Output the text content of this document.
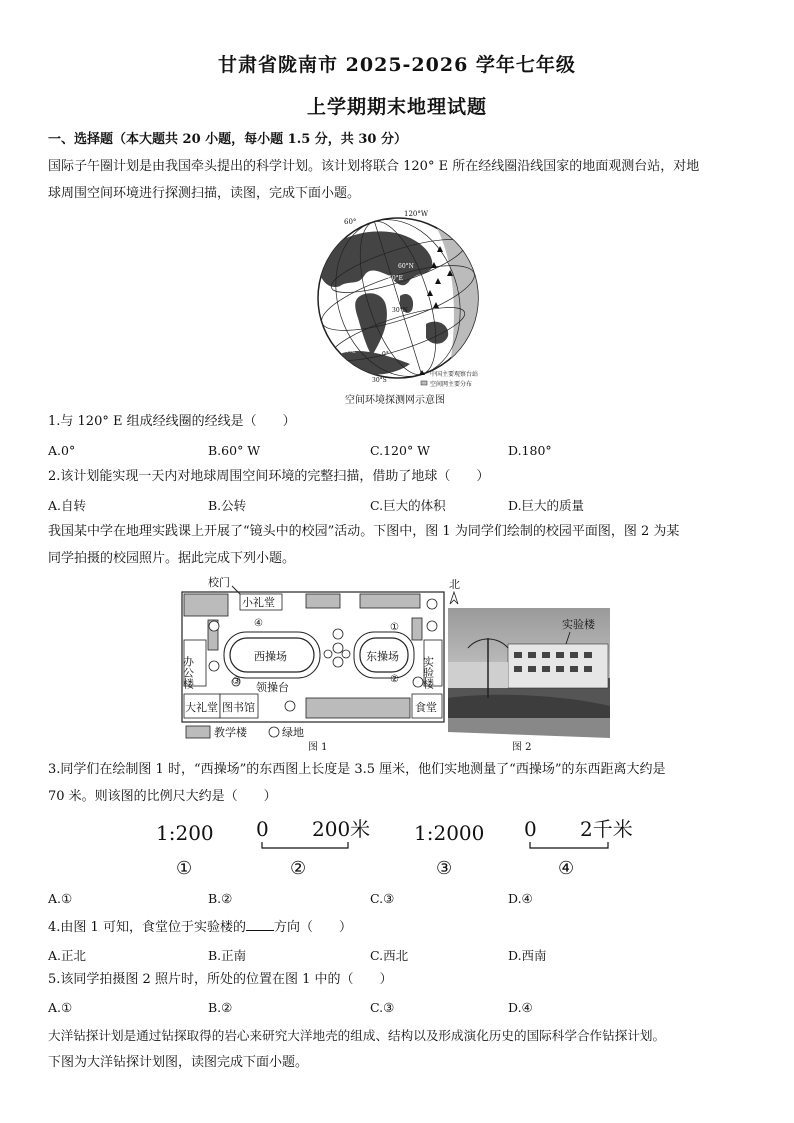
甘肃省陇南市 2025-2026 学年七年级
上学期期末地理试题
一、选择题（本大题共 20 小题，每小题 1.5 分，共 30 分）
国际子午圈计划是由我国牵头提出的科学计划。该计划将联合 120° E 所在经线圈沿线国家的地面观测台站，对地
球周围空间环境进行探测扫描，读图，完成下面小题。
120°W
60°
60°N
60°E
30°N
赤道
0°
30°S
中国主要观察台站
空间网主要分布
空间环境探测网示意图
1.与 120° E 组成经线圈的经线是（　　）
A.0°	B.60° W	C.120° W	D.180°
2.该计划能实现一天内对地球周围空间环境的完整扫描，借助了地球（　　）
A.自转	B.公转	C.巨大的体积	D.巨大的质量
我国某中学在地理实践课上开展了“镜头中的校园”活动。下图中，图 1 为同学们绘制的校园平面图，图 2 为某
同学拍摄的校园照片。据此完成下列小题。
校门
小礼堂
北
西操场	东操场
办公楼	实验楼
领操台
大礼堂 图书馆	食堂
①
②
③
④
教学楼	绿地
图 1
实验楼
图 2
3.同学们在绘制图 1 时，“西操场”的东西图上长度是 3.5 厘米，他们实地测量了“西操场”的东西距离大约是
70 米。则该图的比例尺大约是（　　）
1:200 0 200米 1:2000 0 2千米
①	②	③	④
A.①	B.②	C.③	D.④
4.由图 1 可知，食堂位于实验楼的 方向（　　）
A.正北	B.正南	C.西北	D.西南
5.该同学拍摄图 2 照片时，所处的位置在图 1 中的（　　）
A.①	B.②	C.③	D.④
大洋钻探计划是通过钻探取得的岩心来研究大洋地壳的组成、结构以及形成演化历史的国际科学合作钻探计划。
下图为大洋钻探计划图，读图完成下面小题。
